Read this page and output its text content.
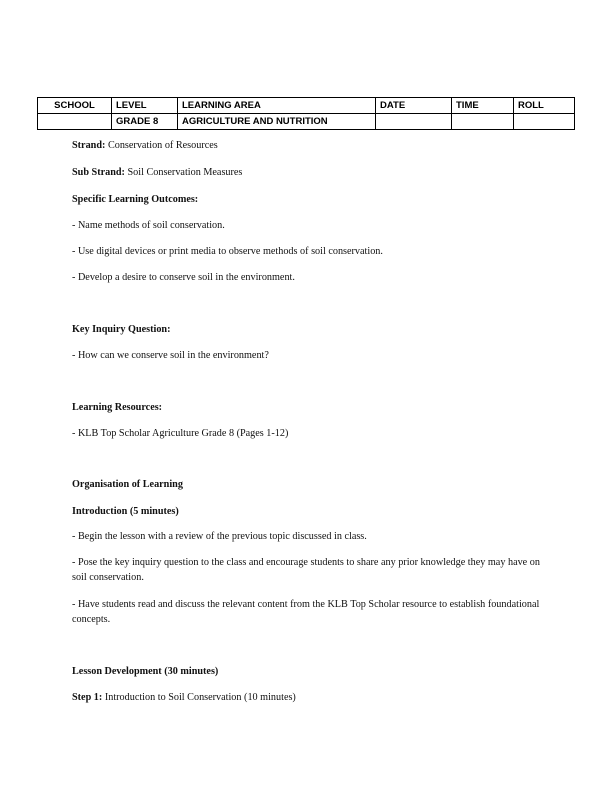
SCHOOL	LEVEL	LEARNING AREA	DATE	TIME	ROLL
	GRADE 8	AGRICULTURE AND NUTRITION			

Strand: Conservation of Resources

Sub Strand: Soil Conservation Measures

Specific Learning Outcomes:

- Name methods of soil conservation.

- Use digital devices or print media to observe methods of soil conservation.

- Develop a desire to conserve soil in the environment.

Key Inquiry Question:

- How can we conserve soil in the environment?

Learning Resources:

- KLB Top Scholar Agriculture Grade 8 (Pages 1-12)

Organisation of Learning

Introduction (5 minutes)

- Begin the lesson with a review of the previous topic discussed in class.

- Pose the key inquiry question to the class and encourage students to share any prior knowledge they may have on soil conservation.

- Have students read and discuss the relevant content from the KLB Top Scholar resource to establish foundational concepts.

Lesson Development (30 minutes)

Step 1: Introduction to Soil Conservation (10 minutes)
